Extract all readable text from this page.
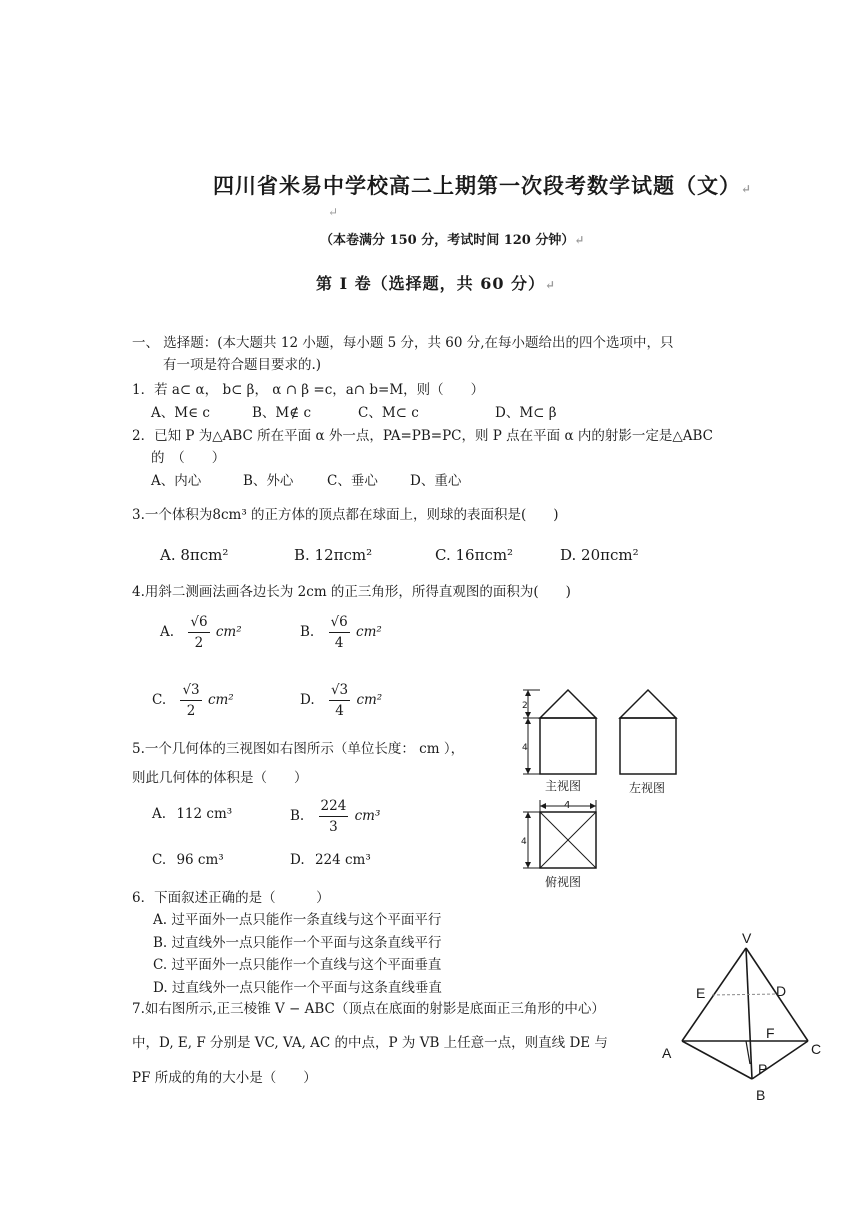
四川省米易中学校高二上期第一次段考数学试题（文）↵
↵
（本卷满分 150 分，考试时间 120 分钟）↵
第 I 卷（选择题，共 60 分）↵
一、 选择题：(本大题共 12 小题，每小题 5 分，共 60 分,在每小题给出的四个选项中，只
有一项是符合题目要求的.)
1．若 a⊂ α， b⊂ β， α ∩ β =c，a∩ b=M，则（　　）
A、M∈ c	B、M∉ c	C、M⊂ c	D、M⊂ β
2．已知 P 为△ABC 所在平面 α 外一点，PA=PB=PC，则 P 点在平面 α 内的射影一定是△ABC
的　（　　）
A、内心	B、外心 C、垂心 D、重心
3.一个体积为8cm³ 的正方体的顶点都在球面上，则球的表面积是(　　)
A. 8πcm²	B. 12πcm²	C. 16πcm²	D. 20πcm²
4.用斜二测画法画各边长为 2cm 的正三角形，所得直观图的面积为(　　)
A. $\frac{√6}{2} cm^2$	B. $\frac{√6}{4} cm^2$
C. $\frac{√3}{2} cm^2$	D. $\frac{√3}{4} cm^2$
5.一个几何体的三视图如右图所示（单位长度： cm ），
则此几何体的体积是（　　）
A. 112 cm³	B. $\frac{224}{3} cm^3$
C. 96 cm³	D. 224 cm³
2
4
4
4
主视图	左视图
俯视图
6．下面叙述正确的是（　　　）
A. 过平面外一点只能作一条直线与这个平面平行
B. 过直线外一点只能作一个平面与这条直线平行
C. 过平面外一点只能作一个直线与这个平面垂直
D. 过直线外一点只能作一个平面与这条直线垂直
7.如右图所示,正三棱锥 V − ABC（顶点在底面的射影是底面正三角形的中心）
中，D, E, F 分别是 VC, VA, AC 的中点，P 为 VB 上任意一点，则直线 DE 与
PF 所成的角的大小是（　　）
V
E	D
F
A	C
P
B
